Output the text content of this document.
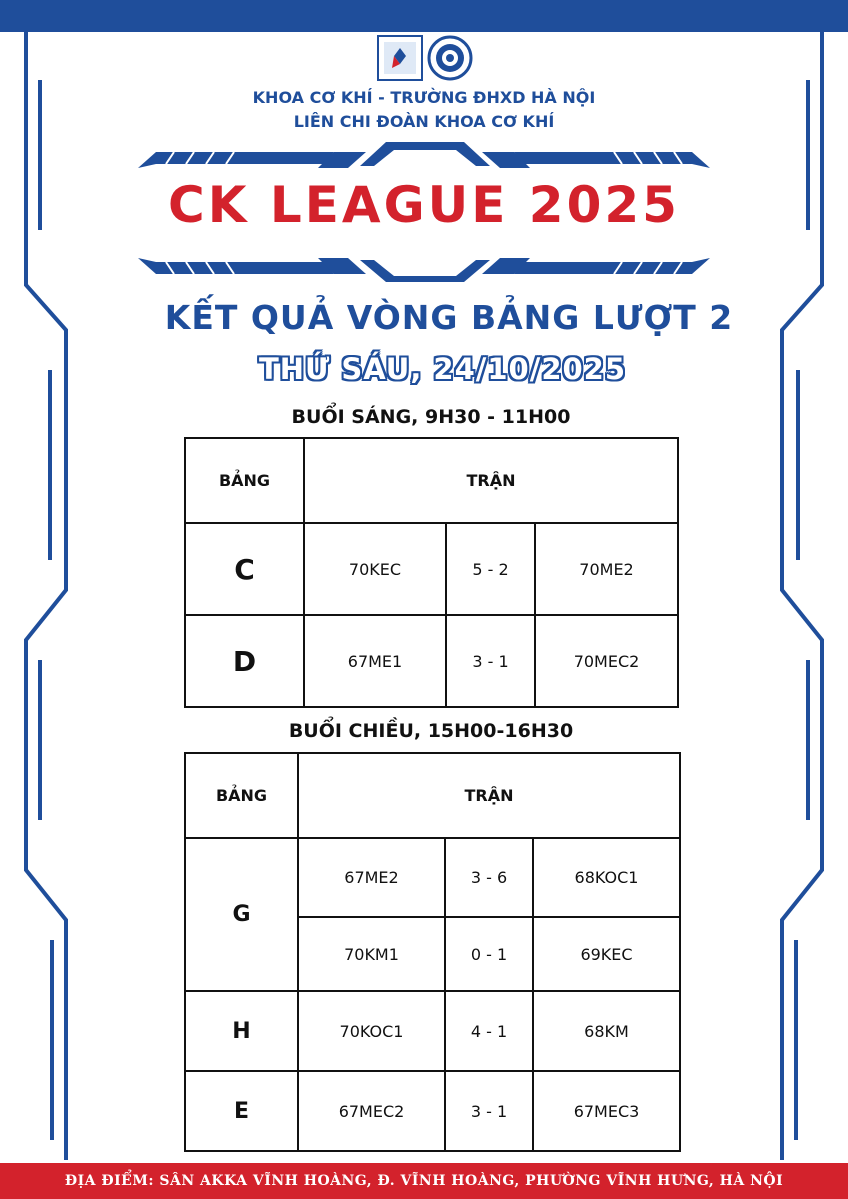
KHOA CƠ KHÍ - TRƯỜNG ĐHXD HÀ NỘI
LIÊN CHI ĐOÀN KHOA CƠ KHÍ
CK LEAGUE 2025
KẾT QUẢ VÒNG BẢNG LƯỢT 2
THỨ SÁU, 24/10/2025
BUỔI SÁNG, 9H30 - 11H00
BẢNG	TRẬN		
C	70KEC	5 - 2	70ME2
D	67ME1	3 - 1	70MEC2
BUỔI CHIỀU, 15H00-16H30
BẢNG	TRẬN		
G	67ME2	3 - 6	68KOC1
	70KM1	0 - 1	69KEC
H	70KOC1	4 - 1	68KM
E	67MEC2	3 - 1	67MEC3
ĐỊA ĐIỂM: SÂN AKKA VĨNH HOÀNG, Đ. VĨNH HOÀNG, PHƯỜNG VĨNH HƯNG, HÀ NỘI
